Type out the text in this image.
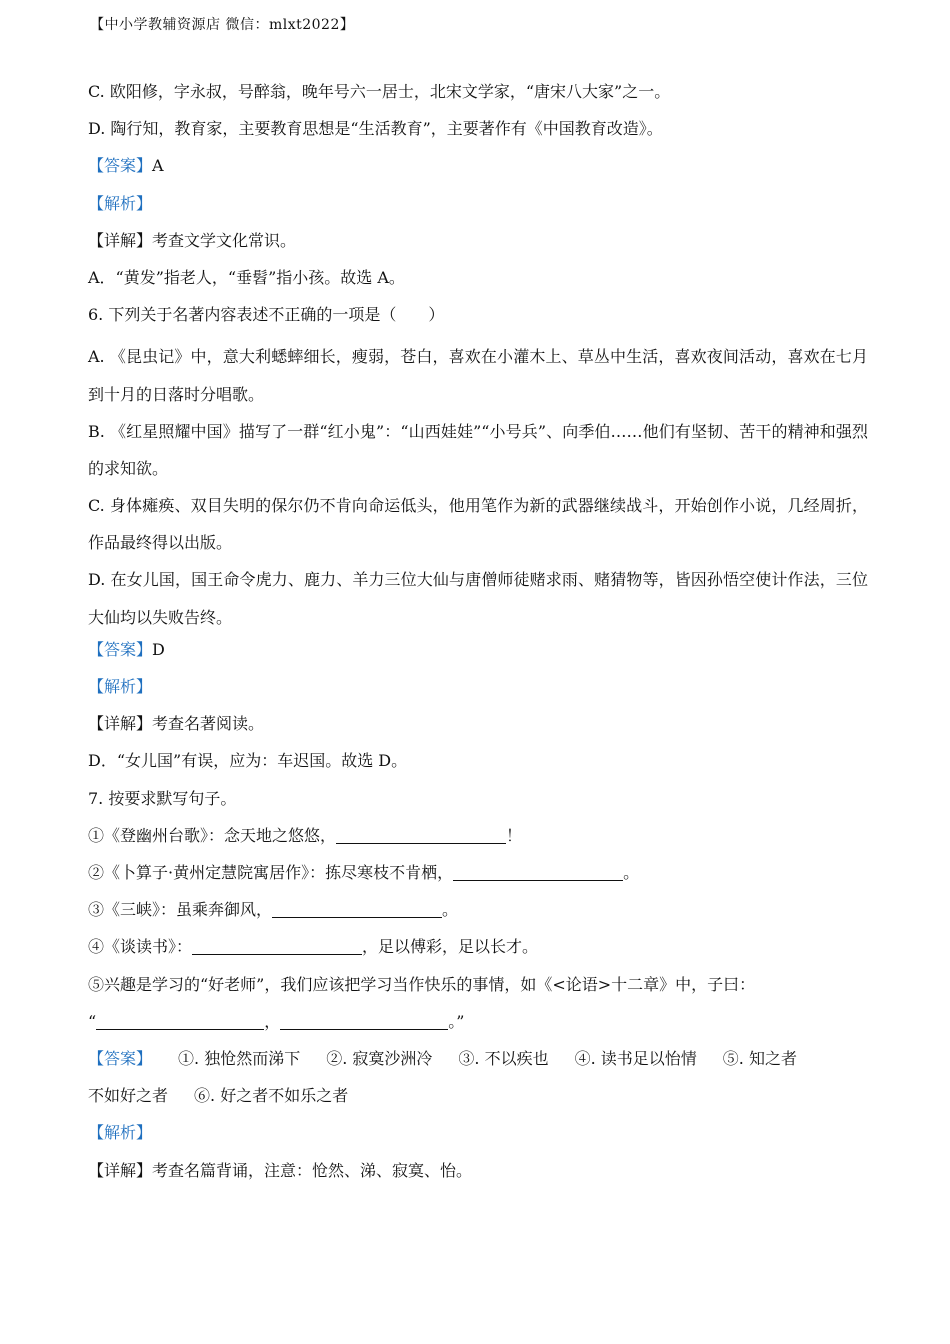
【中小学教辅资源店 微信：mlxt2022】
C. 欧阳修，字永叔，号醉翁，晚年号六一居士，北宋文学家，“唐宋八大家”之一。
D. 陶行知，教育家，主要教育思想是“生活教育”，主要著作有《中国教育改造》。
【答案】A
【解析】
【详解】考查文学文化常识。
A．“黄发”指老人，“垂髫”指小孩。故选 A。
6. 下列关于名著内容表述不正确的一项是（　　）
A. 《昆虫记》中，意大利蟋蟀细长，瘦弱，苍白，喜欢在小灌木上、草丛中生活，喜欢夜间活动，喜欢在七月到十月的日落时分唱歌。
B. 《红星照耀中国》描写了一群“红小鬼”：“山西娃娃”“小号兵”、向季伯……他们有坚韧、苦干的精神和强烈的求知欲。
C. 身体瘫痪、双目失明的保尔仍不肯向命运低头，他用笔作为新的武器继续战斗，开始创作小说，几经周折，作品最终得以出版。
D. 在女儿国，国王命令虎力、鹿力、羊力三位大仙与唐僧师徒赌求雨、赌猜物等，皆因孙悟空使计作法，三位大仙均以失败告终。
【答案】D
【解析】
【详解】考查名著阅读。
D．“女儿国”有误，应为：车迟国。故选 D。
7. 按要求默写句子。
①《登幽州台歌》：念天地之悠悠，	！
②《卜算子·黄州定慧院寓居作》：拣尽寒枝不肯栖，	。
③《三峡》：虽乘奔御风，	。
④《谈读书》：	，足以傅彩，足以长才。
⑤兴趣是学习的“好老师”，我们应该把学习当作快乐的事情，如《<论语>十二章》中，子曰：
“	，	。”
【答案】 ①. 独怆然而涕下 ②. 寂寞沙洲冷 ③. 不以疾也 ④. 读书足以怡情 ⑤. 知之者
不如好之者 ⑥. 好之者不如乐之者
【解析】
【详解】考查名篇背诵，注意：怆然、涕、寂寞、怡。
